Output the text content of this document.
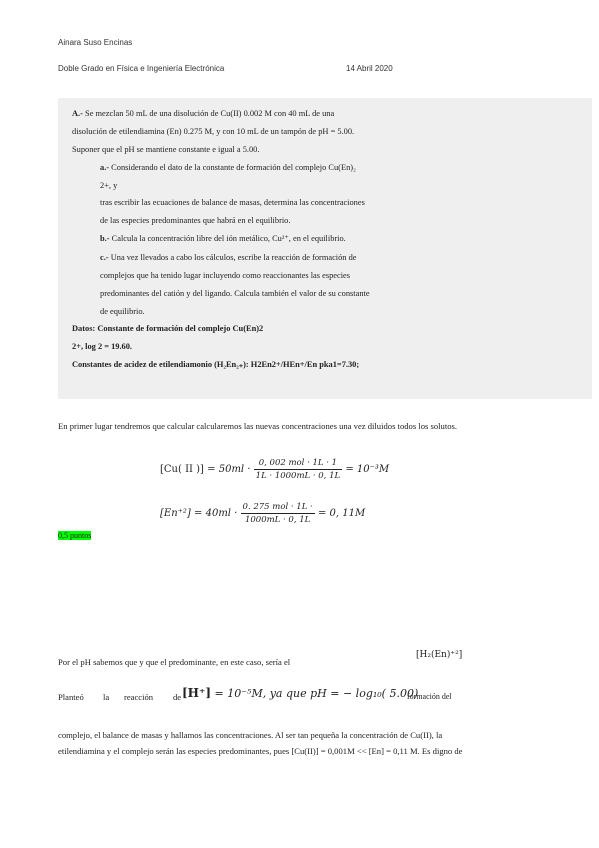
Ainara Suso Encinas
Doble Grado en Física e Ingeniería Electrónica	14 Abril 2020
A.- Se mezclan 50 mL de una disolución de Cu(II) 0.002 M con 40 mL de una
disolución de etilendiamina (En) 0.275 M, y con 10 mL de un tampón de pH = 5.00.
Suponer que el pH se mantiene constante e igual a 5.00.
a.- Considerando el dato de la constante de formación del complejo Cu(En)₂
2+, y
tras escribir las ecuaciones de balance de masas, determina las concentraciones
de las especies predominantes que habrá en el equilibrio.
b.- Calcula la concentración libre del ión metálico, Cu²⁺, en el equilibrio.
c.- Una vez llevados a cabo los cálculos, escribe la reacción de formación de
complejos que ha tenido lugar incluyendo como reaccionantes las especies
predominantes del catión y del ligando. Calcula también el valor de su constante
de equilibrio.
Datos: Constante de formación del complejo Cu(En)2
2+, log 2 = 19.60.
Constantes de acidez de etilendiamonio (H₂En₂₊): H2En2+/HEn+/En pka1=7.30;
En primer lugar tendremos que calcular calcularemos las nuevas concentraciones una vez diluidos todos los solutos.
[Cu( II )] = $50ml \cdot \frac{\text{0, 002 mol · 1L · 1}}{1L \cdot 1000mL \cdot 0, 1L} = 10^{-3}M$
$[En^{+2}] = 40ml \cdot \frac{\text{0. 275 mol · 1L ·}}{1000mL \cdot 0, 1L} = 0$, 11M
0,5 puntos
Por el pH sabemos que y que el predominante, en este caso, sería el
[H₂(En)⁺²]
Planteó la reacción de [H⁺] = 10⁻⁵M, ya que pH = − log₁₀( 5.00)
formación del
complejo, el balance de masas y hallamos las concentraciones. Al ser tan pequeña la concentración de Cu(II), la
etilendiamina y el complejo serán las especies predominantes, pues [Cu(II)] = 0,001M << [En] = 0,11 M. Es digno de
